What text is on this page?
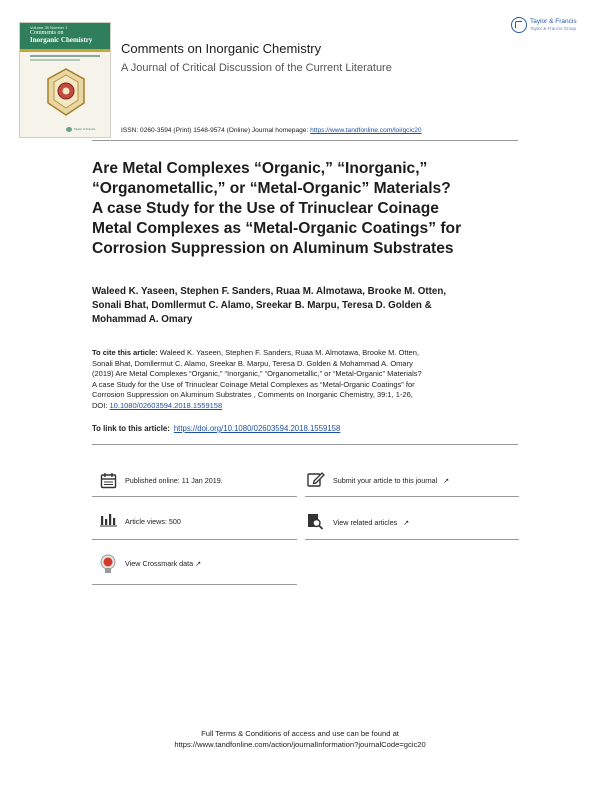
Volume 39 Number 1
Comments on
Inorganic Chemistry
Taylor & Francis
Taylor & Francis
Taylor & Francis Group
Comments on Inorganic Chemistry
A Journal of Critical Discussion of the Current Literature
ISSN: 0260-3594 (Print) 1548-9574 (Online) Journal homepage: https://www.tandfonline.com/loi/gcic20
Are Metal Complexes “Organic,” “Inorganic,”
“Organometallic,” or “Metal-Organic” Materials?
A case Study for the Use of Trinuclear Coinage
Metal Complexes as “Metal-Organic Coatings” for
Corrosion Suppression on Aluminum Substrates
Waleed K. Yaseen, Stephen F. Sanders, Ruaa M. Almotawa, Brooke M. Otten,
Sonali Bhat, Domllermut C. Alamo, Sreekar B. Marpu, Teresa D. Golden &
Mohammad A. Omary
To cite this article: Waleed K. Yaseen, Stephen F. Sanders, Ruaa M. Almotawa, Brooke M. Otten,
Sonali Bhat, Domllermut C. Alamo, Sreekar B. Marpu, Teresa D. Golden & Mohammad A. Omary
(2019) Are Metal Complexes “Organic,” “Inorganic,” “Organometallic,” or “Metal-Organic” Materials?
A case Study for the Use of Trinuclear Coinage Metal Complexes as “Metal-Organic Coatings” for
Corrosion Suppression on Aluminum Substrates , Comments on Inorganic Chemistry, 39:1, 1-26,
DOI: 10.1080/02603594.2018.1559158
To link to this article: https://doi.org/10.1080/02603594.2018.1559158
Published online: 11 Jan 2019.	Submit your article to this journal ↗
Article views: 500	View related articles ↗
View Crossmark data ↗
Full Terms & Conditions of access and use can be found at
https://www.tandfonline.com/action/journalInformation?journalCode=gcic20
